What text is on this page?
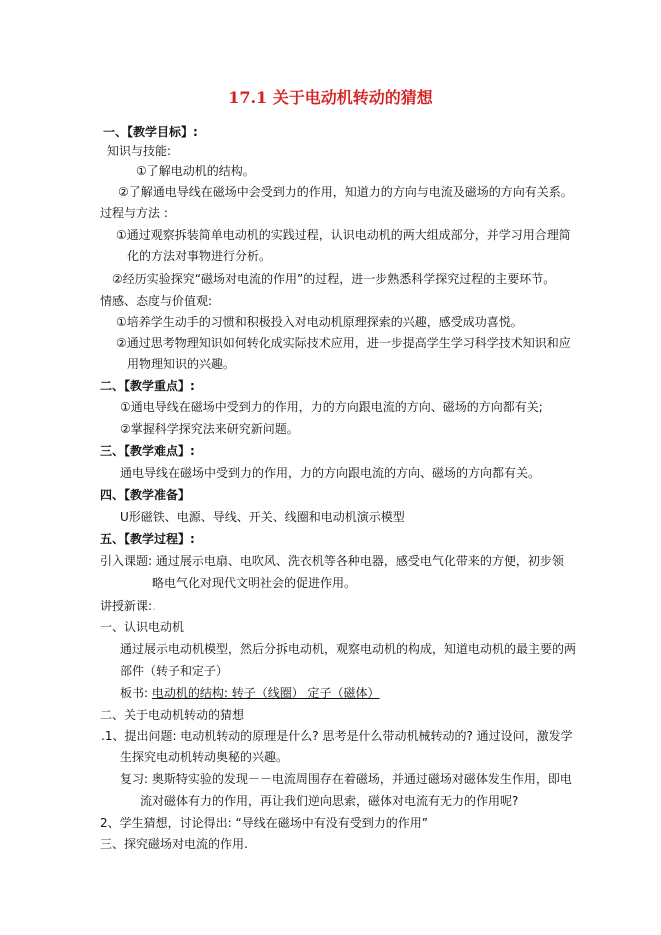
17.1 关于电动机转动的猜想
一、【教学目标】:
知识与技能:
①了解电动机的结构。
②了解通电导线在磁场中会受到力的作用，知道力的方向与电流及磁场的方向有关系。
过程与方法 :
①通过观察拆装简单电动机的实践过程，认识电动机的两大组成部分，并学习用合理简
化的方法对事物进行分析。
②经历实验探究“磁场对电流的作用”的过程，进一步熟悉科学探究过程的主要环节。
情感、态度与价值观:
①培养学生动手的习惯和积极投入对电动机原理探索的兴趣，感受成功喜悦。
②通过思考物理知识如何转化成实际技术应用，进一步提高学生学习科学技术知识和应
用物理知识的兴趣。
二、【教学重点】:
①通电导线在磁场中受到力的作用，力的方向跟电流的方向、磁场的方向都有关;
②掌握科学探究法来研究新问题。
三、【教学难点】:
通电导线在磁场中受到力的作用，力的方向跟电流的方向、磁场的方向都有关。
四、【教学准备】
U形磁铁、电源、导线、开关、线圈和电动机演示模型
五、【教学过程】:
引入课题: 通过展示电扇、电吹风、洗衣机等各种电器，感受电气化带来的方便，初步领
略电气化对现代文明社会的促进作用。
讲授新课:.
一、认识电动机
通过展示电动机模型，然后分拆电动机，观察电动机的构成，知道电动机的最主要的两
部件（转子和定子）
板书: 电动机的结构: 转子（线圈） 定子（磁体）
二、关于电动机转动的猜想
.1、提出问题: 电动机转动的原理是什么? 思考是什么带动机械转动的? 通过设问，激发学
生探究电动机转动奥秘的兴趣。
复习: 奥斯特实验的发现－－电流周围存在着磁场，并通过磁场对磁体发生作用，即电
流对磁体有力的作用，再让我们逆向思索，磁体对电流有无力的作用呢?
2、学生猜想，讨论得出: “导线在磁场中有没有受到力的作用”
三、探究磁场对电流的作用.
